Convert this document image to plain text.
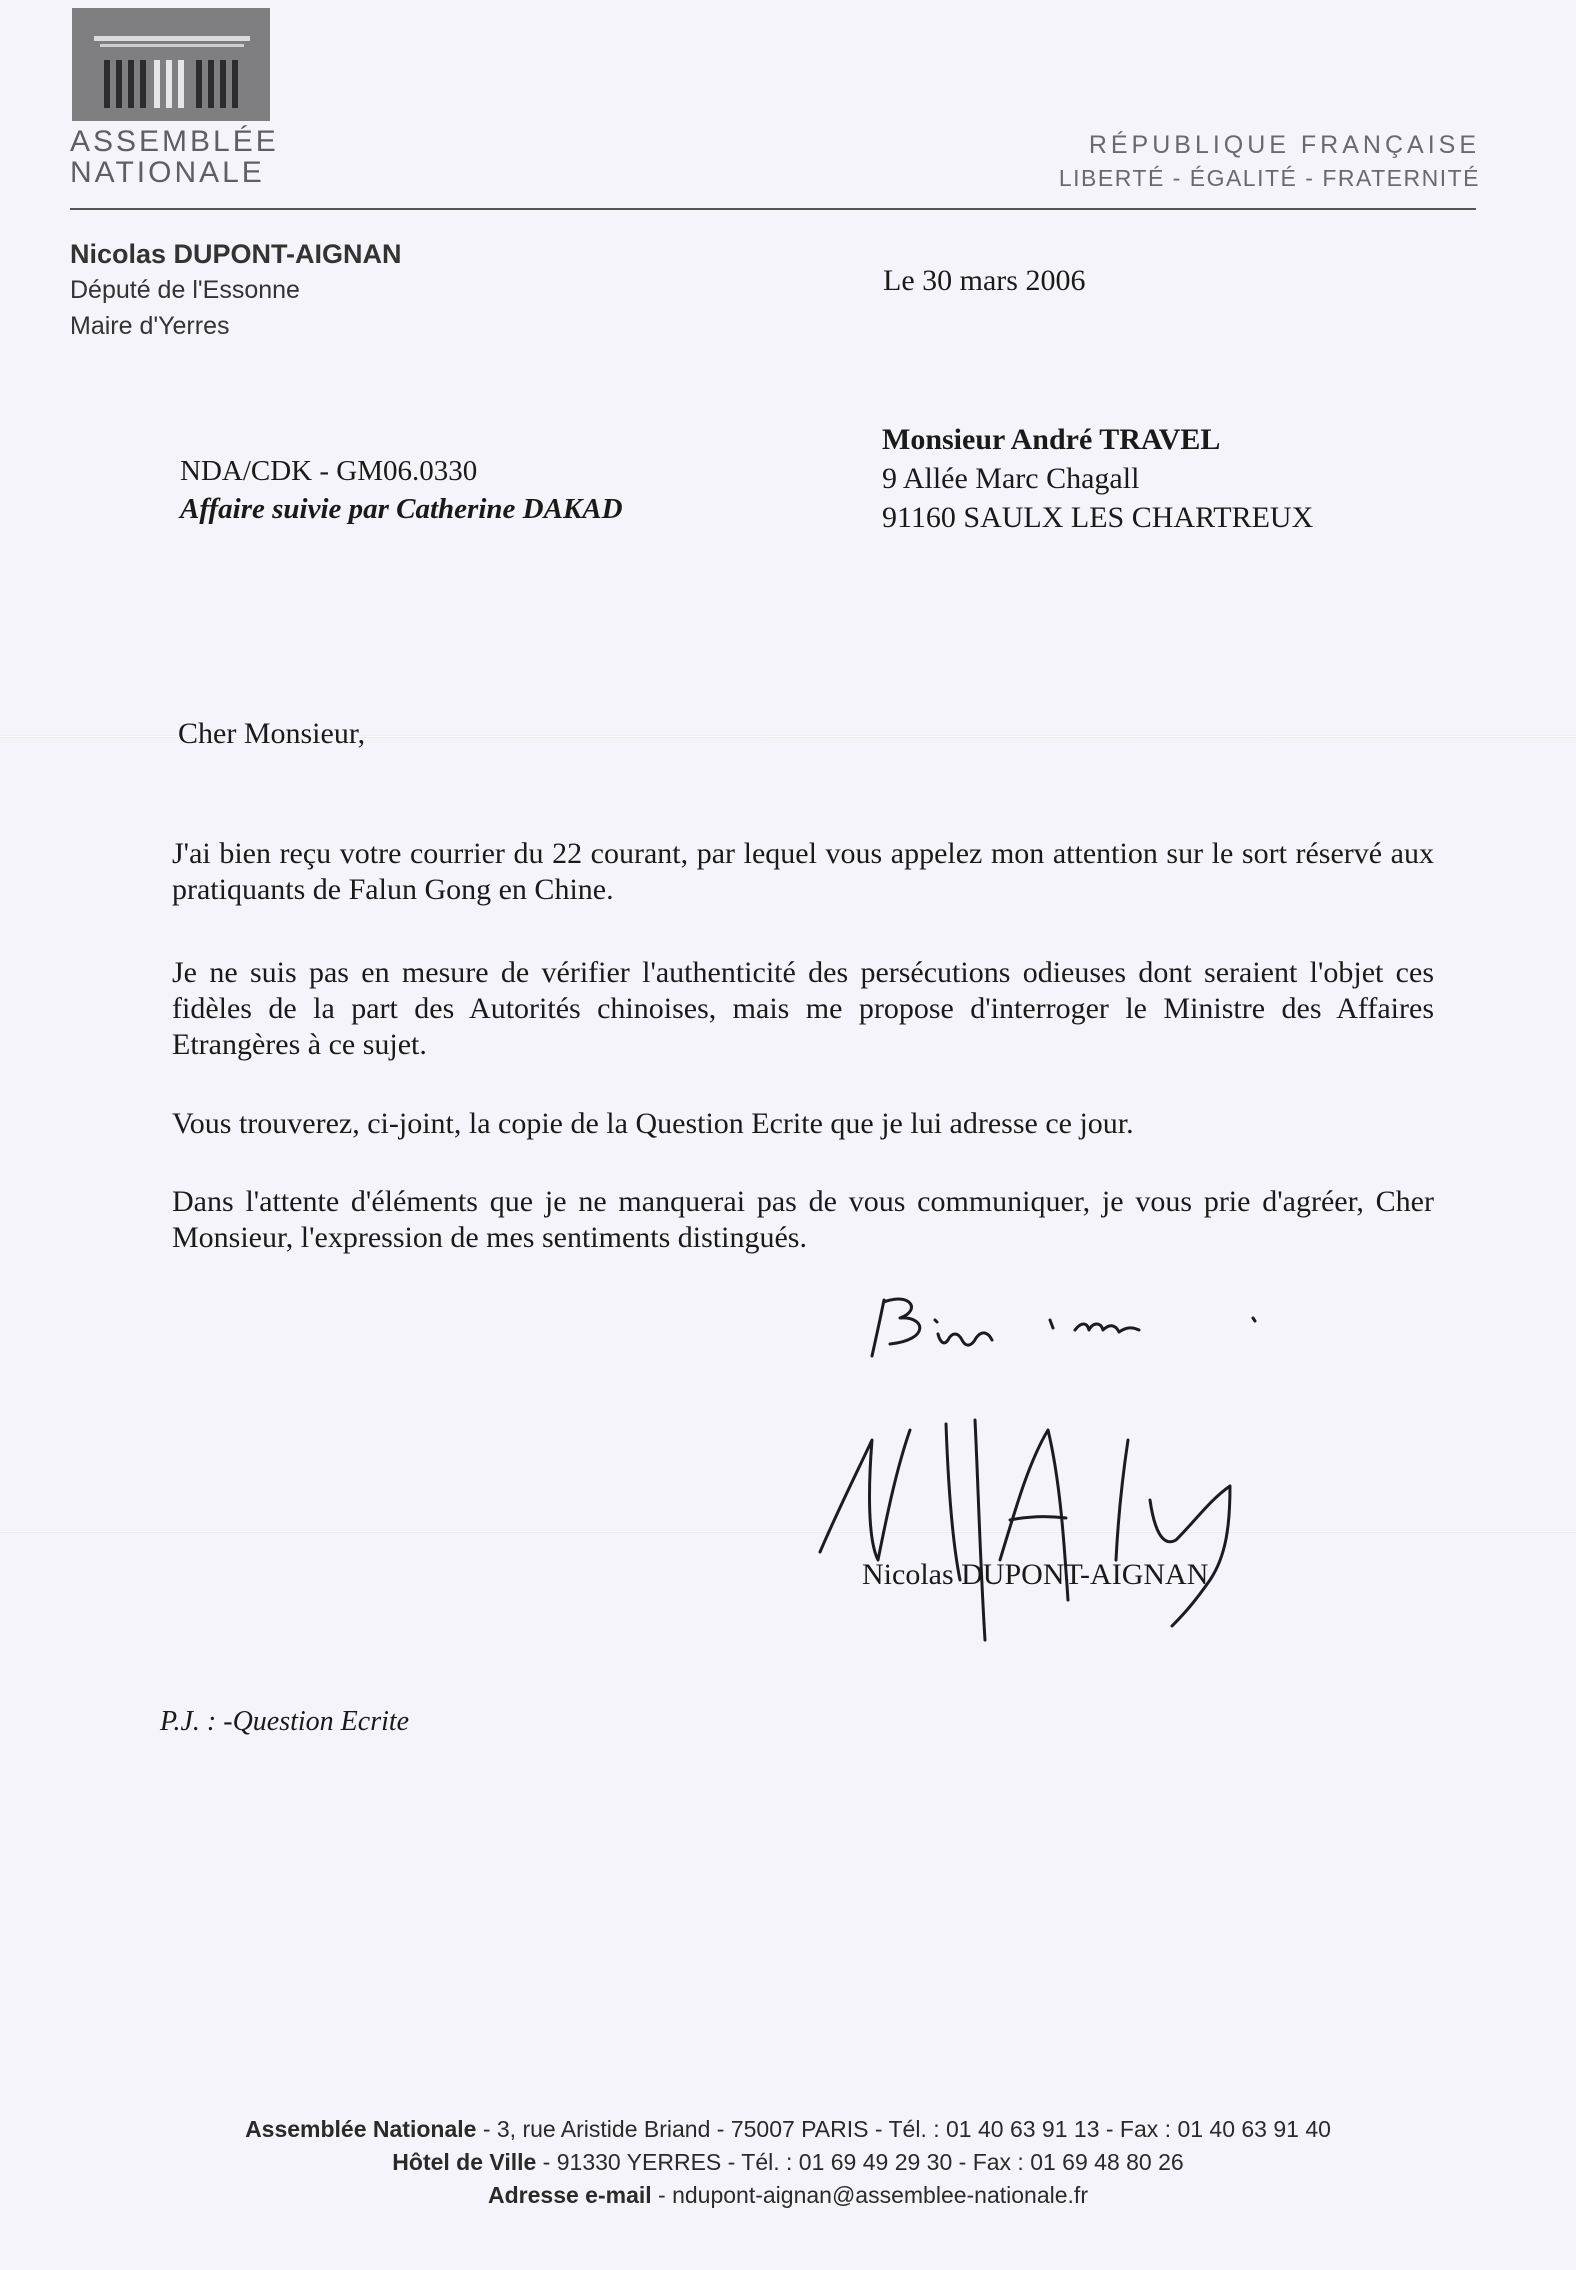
ASSEMBLÉE
NATIONALE
RÉPUBLIQUE FRANÇAISE
LIBERTÉ - ÉGALITÉ - FRATERNITÉ
Nicolas DUPONT-AIGNAN
Député de l'Essonne
Maire d'Yerres
Le 30 mars 2006
NDA/CDK - GM06.0330
Affaire suivie par Catherine DAKAD
Monsieur André TRAVEL
9 Allée Marc Chagall
91160 SAULX LES CHARTREUX
Cher Monsieur,
J'ai bien reçu votre courrier du 22 courant, par lequel vous appelez mon attention sur le sort réservé aux pratiquants de Falun Gong en Chine.
Je ne suis pas en mesure de vérifier l'authenticité des persécutions odieuses dont seraient l'objet ces fidèles de la part des Autorités chinoises, mais me propose d'interroger le Ministre des Affaires Etrangères à ce sujet.
Vous trouverez, ci-joint, la copie de la Question Ecrite que je lui adresse ce jour.
Dans l'attente d'éléments que je ne manquerai pas de vous communiquer, je vous prie d'agréer, Cher Monsieur, l'expression de mes sentiments distingués.
Nicolas DUPONT-AIGNAN
P.J. : -Question Ecrite
Assemblée Nationale - 3, rue Aristide Briand - 75007 PARIS - Tél. : 01 40 63 91 13 - Fax : 01 40 63 91 40
Hôtel de Ville - 91330 YERRES - Tél. : 01 69 49 29 30 - Fax : 01 69 48 80 26
Adresse e-mail - ndupont-aignan@assemblee-nationale.fr
